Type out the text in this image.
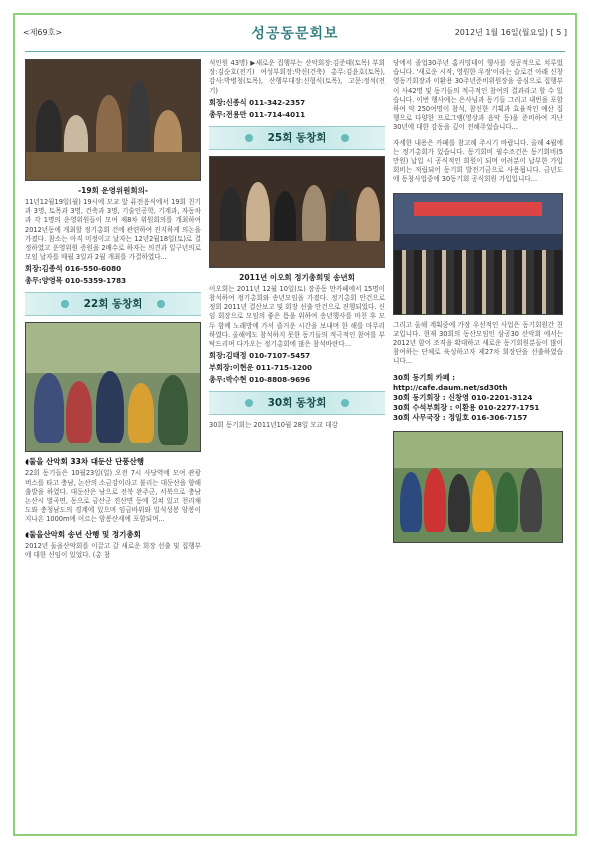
<제69호>	성공동문회보	2012년 1월 16일(월요일) [ 5 ]
-19회 운영위원회의-

11년12월19일(월) 19시에 모교 앞 퓨전음식에서 19회 친기과 3명, 토목과 3명, 건축과 3명, 기술인공학, 기계과, 자동차과 각 1명의 운영위원들이 모여 제8차 위원회의를 개최하여 2012년동에 개최할 정기총회 건에 관련하여 진지하게 의논을 가졌다. 참소는 아직 미정이고 날자는 12년2월18일(토)로 결정하였고 운영위원 증원을 2배수로 하자는 의견과 일구년의로 모임 날자를 매월 3일과 2월 개최를 가결하였다...

회장:김종석 016-550-6080
총무:양영목 010-5359-1783
22회 동창회
◖둘을 산악회 33차 대둔산 단풍산행

22회 동기들은 10월23일(일) 오전 7시 사당역에 모여 관광버스를 타고 충남, 논산의 소금강이라고 불리는 대둔산을 향해 출발을 하였다. 대둔산은 남으로 전북 완주군, 서북으로 충남 논산시 벌곡면, 동으로 금산군 진산면 등에 걸쳐 있고 천리채도와 충청남도의 경계에 있으며 임금바위와 일석성봉 암봉이 지나온 1000m에 이르는 암봉산세에 포함되며...

◖둘을산악회 송년 산행 및 정기총회

2012년 둘을산악회를 이끌고 갈 새로운 회장 선출 및 집행부에 대한 선임이 있었다. (총 참

석인원 43명) ▶새로운 집행부는 산악회장:김준태(토목) 부회장:김순호(전기) 여성부회장:박선(건축) 총무:김윤호(토목), 감사:박병청(토목), 산행부대장:신형식(토목), 고문:정석(전기)

회장:신종식 011-342-2357
총무:전용만 011-714-4011
25회 동창회
2011년 이오회 정기총회및 송년회

이오회는 2011년 12월 10일(토) 잠종동 만카페에서 15명이 참석하여 정기총회와 송년모임을 가졌다. 정기총회 안건으로 정회 2011년 결산보고 및 회장 선출 안건으로 진행되었다. 신임 회장으로 모임의 좋은 틈을 위하여 송년행사를 마친 후 모두 함께 노래방에 가서 즐거운 시간을 보내며 한 해를 마무리하였다. 올해에도 참석하지 못한 동기들의 적극적인 참여를 부탁드리며 다가오는 정기총회에 많은 참석바란다...

회장:김태정 010-7107-5457
부회장:이현운 011-715-1200
총무:박수현 010-8808-9696
30회 동창회

30회 동기회는 2011년10월 28일 모교 대강

당에서 졸업30주년 홈커밍데이 행사를 성공적으로 치루었습니다. '새로운 시작, 영원한 우정'이라는 슬로건 아래 신창영동기회장과 이환용 30주년준비위원장을 중심으로 집행부이 사42명 및 동기들의 적극적인 참여의 결과라고 할 수 있습니다. 이번 행사에는 은사님과 동기들 그리고 내빈을 포함하여 약 250여명이 참석, 참신한 기획과 효율적인 예산 집행으로 다양한 프로그램(영상과 음악 등)을 준비하여 지난 30년에 대한 감동을 깊이 전해주었습니다...

자세한 내용은 카페를 참고해 주시기 바랍니다. 올해 4월에는 정기총회가 있습니다. 동기회비 필수조건은 동기회비(5만원) 납입 시 공식적인 회원이 되며 어려분이 납부한 가입회비는 적립되어 동기회 발전기금으로 사용됩니다. 금년도에 동창사업중에 30동기회 공식회원 가입입니다...

그리고 올해 계획중에 가장 우선적인 사업은 동기회원간 친교입니다. 현재 30회의 동산모임인 삼공30 산악회 에서는 2012년 함이 조직을 확대하고 새로운 동기회원분들이 많이 참여하는 단체로 육성하고자 제27차 회장단을 선출하였습니다...

30회 동기회 카페 : http://cafe.daum.net/sd30th
30회 동기회장 : 신창영 010-2201-3124
30회 수석부회장 : 이환용 010-2277-1751
30회 사무국장 : 정일호 016-306-7157
